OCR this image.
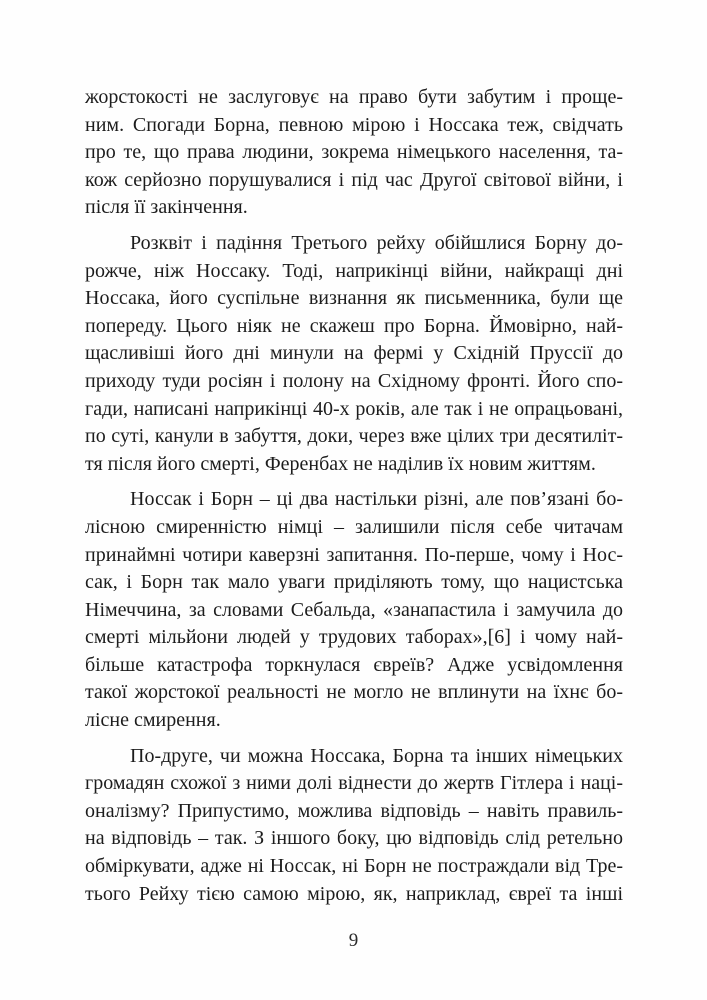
жорстокості не заслуговує на право бути забутим і проще-
ним. Спогади Борна, певною мірою і Носсака теж, свідчать
про те, що права людини, зокрема німецького населення, та-
кож серйозно порушувалися і під час Другої світової війни, і
після її закінчення.

Розквіт і падіння Третього рейху обійшлися Борну до-
рожче, ніж Носсаку. Тоді, наприкінці війни, найкращі дні
Носсака, його суспільне визнання як письменника, були ще
попереду. Цього ніяк не скажеш про Борна. Ймовірно, най-
щасливіші його дні минули на фермі у Східній Пруссії до
приходу туди росіян і полону на Східному фронті. Його спо-
гади, написані наприкінці 40-х років, але так і не опрацьовані,
по суті, канули в забуття, доки, через вже цілих три десятиліт-
тя після його смерті, Ференбах не наділив їх новим життям.

Носсак і Борн – ці два настільки різні, але пов’язані бо-
лісною смиренністю німці – залишили після себе читачам
принаймні чотири каверзні запитання. По-перше, чому і Нос-
сак, і Борн так мало уваги приділяють тому, що нацистська
Німеччина, за словами Себальда, «занапастила і замучила до
смерті мільйони людей у трудових таборах»,[6] і чому най-
більше катастрофа торкнулася євреїв? Адже усвідомлення
такої жорстокої реальності не могло не вплинути на їхнє бо-
лісне смирення.

По-друге, чи можна Носсака, Борна та інших німецьких
громадян схожої з ними долі віднести до жертв Гітлера і наці-
оналізму? Припустимо, можлива відповідь – навіть правиль-
на відповідь – так. З іншого боку, цю відповідь слід ретельно
обміркувати, адже ні Носсак, ні Борн не постраждали від Тре-
тього Рейху тією самою мірою, як, наприклад, євреї та інші

9
